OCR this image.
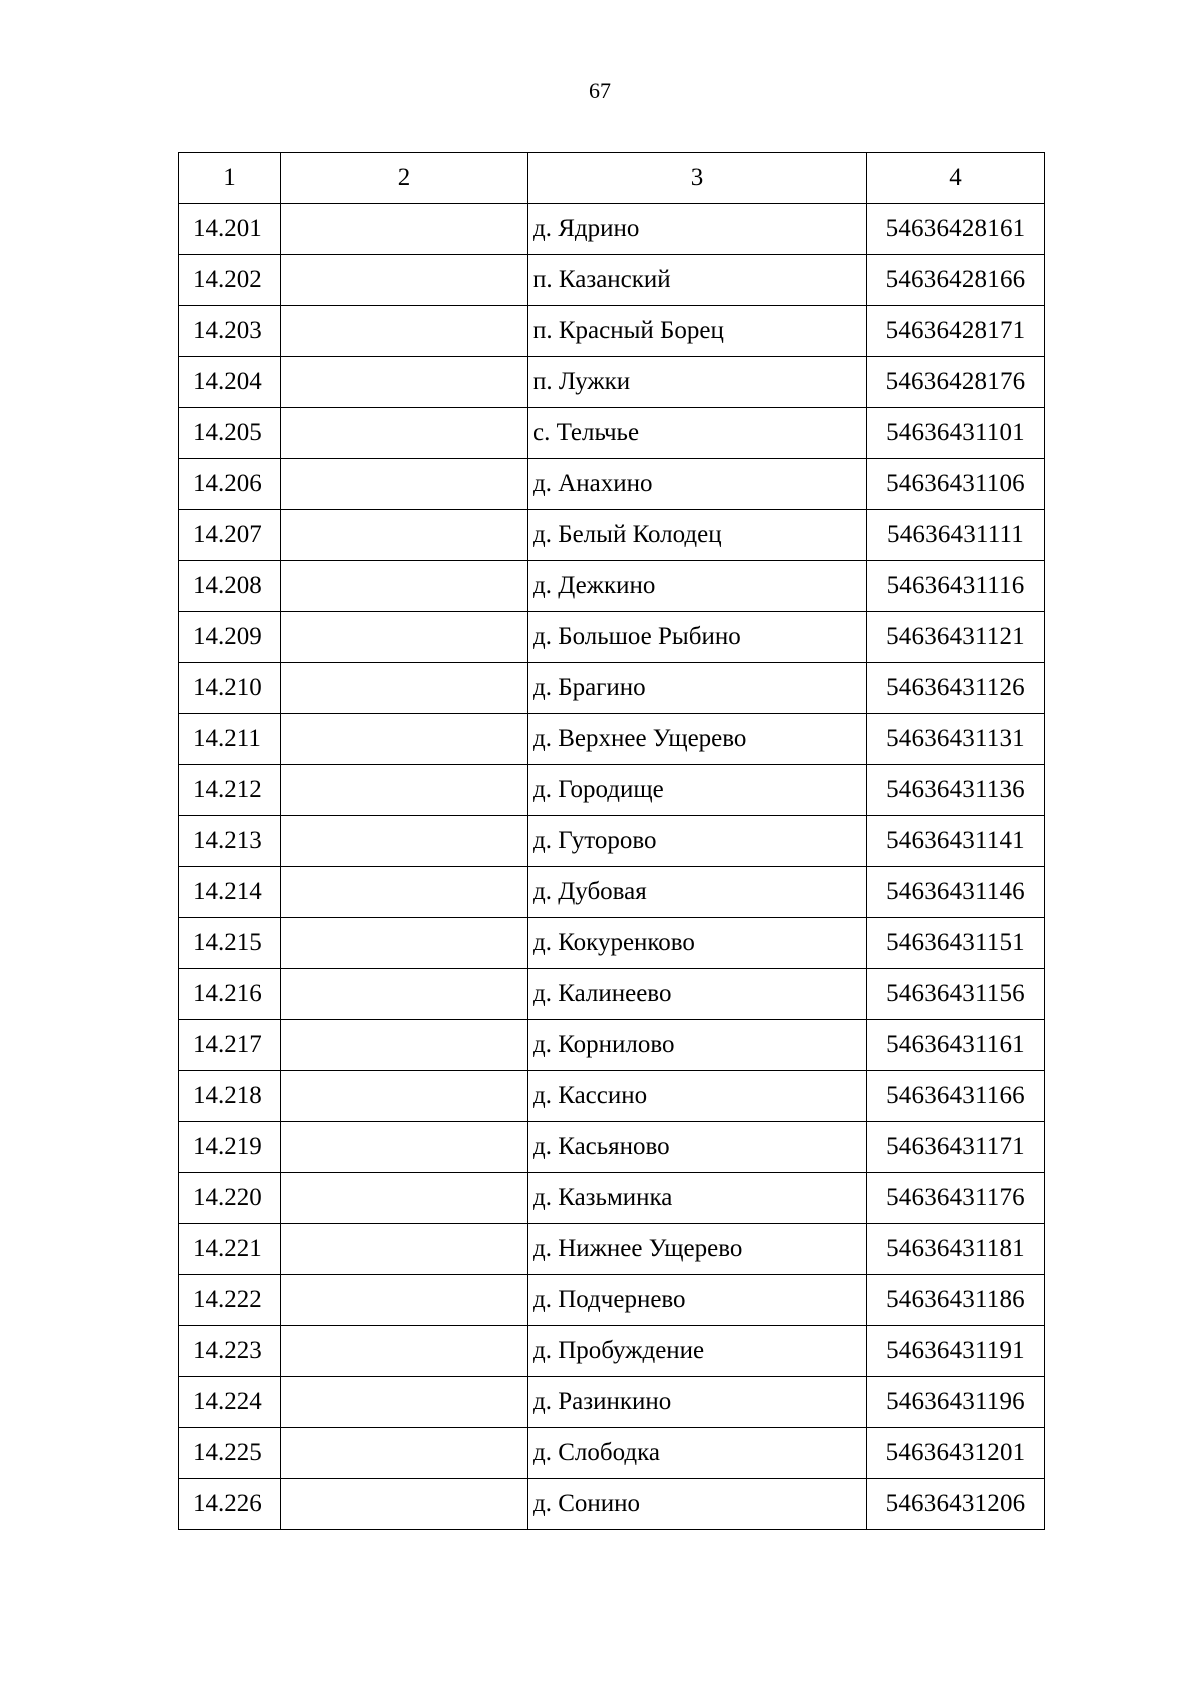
67
1	2	3	4
14.201		д. Ядрино	54636428161
14.202		п. Казанский	54636428166
14.203		п. Красный Борец	54636428171
14.204		п. Лужки	54636428176
14.205		с. Тельчье	54636431101
14.206		д. Анахино	54636431106
14.207		д. Белый Колодец	54636431111
14.208		д. Дежкино	54636431116
14.209		д. Большое Рыбино	54636431121
14.210		д. Брагино	54636431126
14.211		д. Верхнее Ущерево	54636431131
14.212		д. Городище	54636431136
14.213		д. Гуторово	54636431141
14.214		д. Дубовая	54636431146
14.215		д. Кокуренково	54636431151
14.216		д. Калинеево	54636431156
14.217		д. Корнилово	54636431161
14.218		д. Кассино	54636431166
14.219		д. Касьяново	54636431171
14.220		д. Казьминка	54636431176
14.221		д. Нижнее Ущерево	54636431181
14.222		д. Подчернево	54636431186
14.223		д. Пробуждение	54636431191
14.224		д. Разинкино	54636431196
14.225		д. Слободка	54636431201
14.226		д. Сонино	54636431206
